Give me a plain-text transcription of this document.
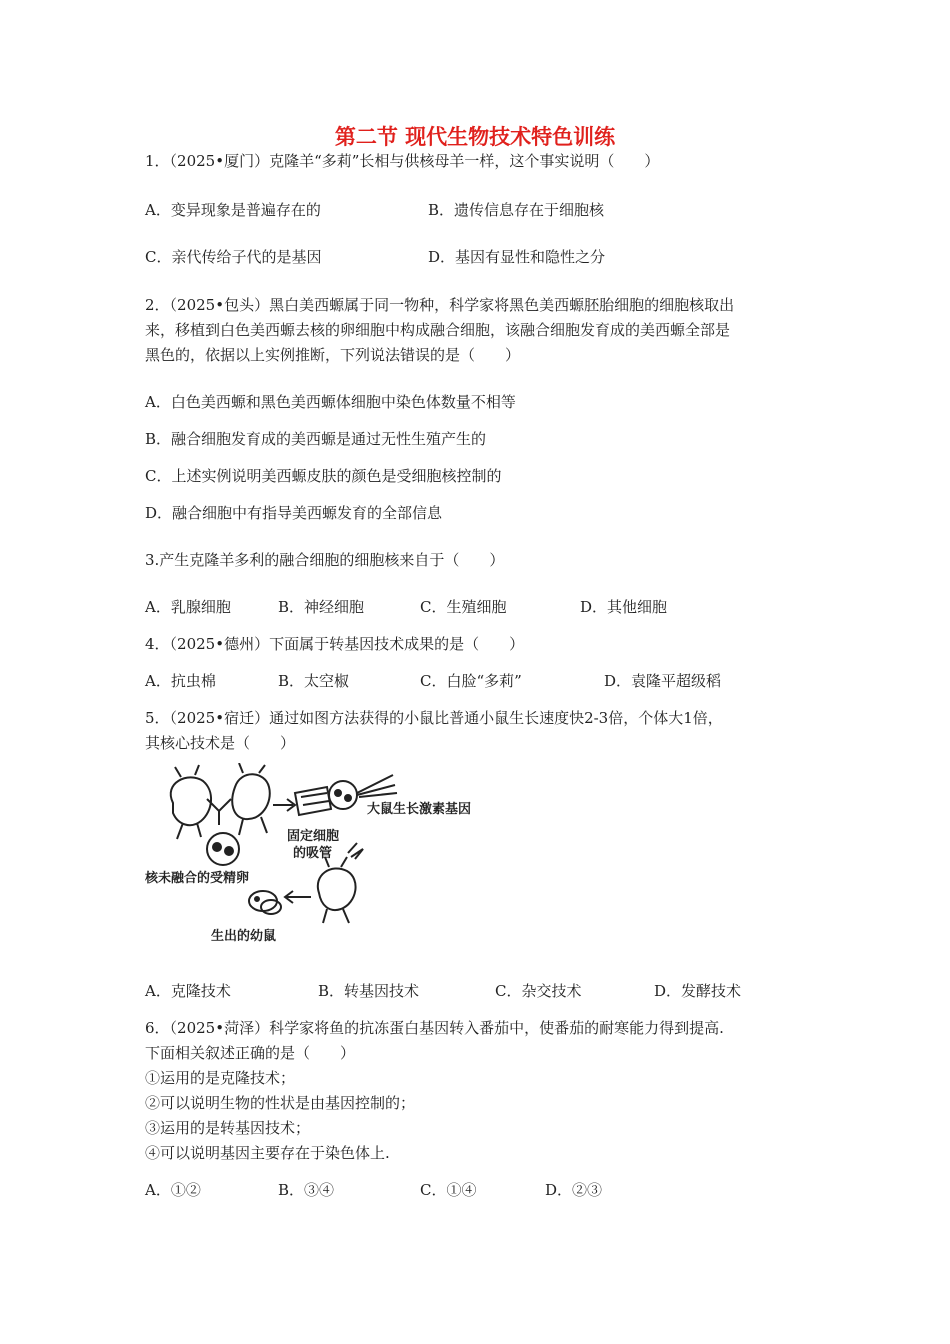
第二节 现代生物技术特色训练
1．（2025•厦门）克隆羊“多莉”长相与供核母羊一样，这个事实说明（　　）
A．变异现象是普遍存在的	B．遗传信息存在于细胞核
C．亲代传给子代的是基因	D．基因有显性和隐性之分
2．（2025•包头）黑白美西螈属于同一物种，科学家将黑色美西螈胚胎细胞的细胞核取出
来，移植到白色美西螈去核的卵细胞中构成融合细胞，该融合细胞发育成的美西螈全部是
黑色的，依据以上实例推断，下列说法错误的是（　　）
A．白色美西螈和黑色美西螈体细胞中染色体数量不相等
B．融合细胞发育成的美西螈是通过无性生殖产生的
C．上述实例说明美西螈皮肤的颜色是受细胞核控制的
D．融合细胞中有指导美西螈发育的全部信息
3.产生克隆羊多利的融合细胞的细胞核来自于（　　）
A．乳腺细胞	B．神经细胞	C．生殖细胞	D．其他细胞
4．（2025•德州）下面属于转基因技术成果的是（　　）
A．抗虫棉	B．太空椒	C．白脸“多莉”	D．袁隆平超级稻
5．（2025•宿迁）通过如图方法获得的小鼠比普通小鼠生长速度快2-3倍，个体大1倍，
其核心技术是（　　）
大鼠生长激素基因
固定细胞
的吸管
核未融合的受精卵
生出的幼鼠
A．克隆技术	B．转基因技术	C．杂交技术	D．发酵技术
6．（2025•菏泽）科学家将鱼的抗冻蛋白基因转入番茄中，使番茄的耐寒能力得到提高.
下面相关叙述正确的是（　　）
①运用的是克隆技术；
②可以说明生物的性状是由基因控制的；
③运用的是转基因技术；
④可以说明基因主要存在于染色体上.
A．①②	B．③④	C．①④	D．②③
